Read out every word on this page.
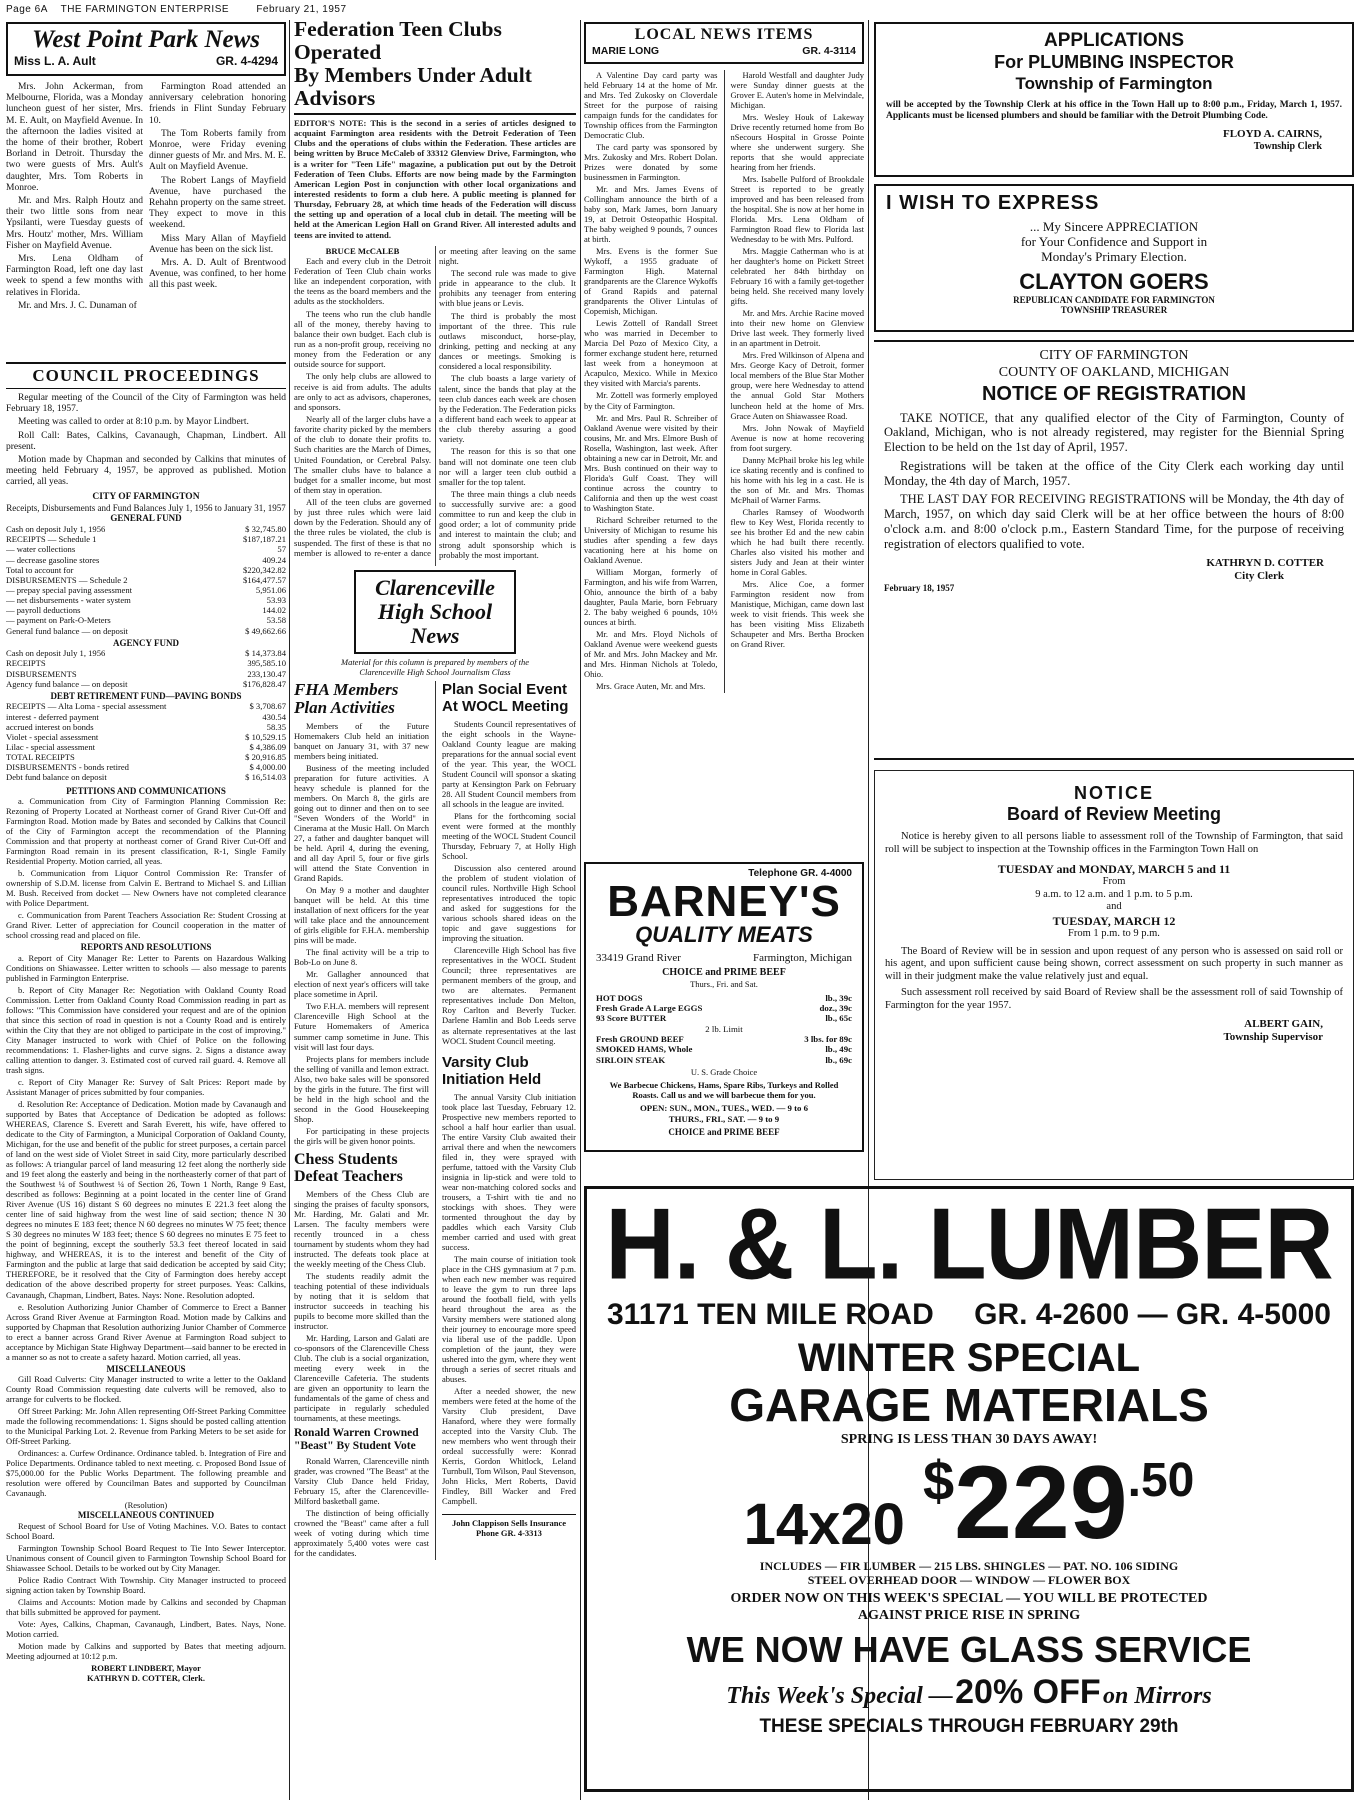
Page 6A THE FARMINGTON ENTERPRISE	February 21, 1957
West Point Park News
Miss L. A. Ault	GR. 4-4294
Mrs. John Ackerman, from Melbourne, Florida, was a Monday luncheon guest of her sister, Mrs. M. E. Ault, on Mayfield Avenue. In the afternoon the ladies visited at the home of their brother, Robert Borland in Detroit. Thursday the two were guests of Mrs. Ault's daughter, Mrs. Tom Roberts in Monroe.
Mr. and Mrs. Ralph Houtz and their two little sons from near Ypsilanti, were Tuesday guests of Mrs. Houtz' mother, Mrs. William Fisher on Mayfield Avenue.
Mrs. Lena Oldham of Farmington Road, left one day last week to spend a few months with relatives in Florida.
Mr. and Mrs. J. C. Dunaman of
Farmington Road attended an anniversary celebration honoring friends in Flint Sunday February 10.
The Tom Roberts family from Monroe, were Friday evening dinner guests of Mr. and Mrs. M. E. Ault on Mayfield Avenue.
The Robert Langs of Mayfield Avenue, have purchased the Rehahn property on the same street. They expect to move in this weekend.
Miss Mary Allan of Mayfield Avenue has been on the sick list.
Mrs. A. D. Ault of Brentwood Avenue, was confined, to her home all this past week.
COUNCIL PROCEEDINGS
Regular meeting of the Council of the City of Farmington was held February 18, 1957.
Meeting was called to order at 8:10 p.m. by Mayor Lindbert.
Roll Call: Bates, Calkins, Cavanaugh, Chapman, Lindbert. All present.
Motion made by Chapman and seconded by Calkins that minutes of meeting held February 4, 1957, be approved as published. Motion carried, all yeas.
CITY OF FARMINGTON
Receipts, Disbursements and Fund Balances July 1, 1956 to January 31, 1957
GENERAL FUND
Cash on deposit July 1, 1956	$ 32,745.80
RECEIPTS — Schedule 1	$187,187.21
— water collections	57
— decrease gasoline stores	409.24
Total to account for	$220,342.82
DISBURSEMENTS — Schedule 2	$164,477.57
— prepay special paving assessment	5,951.06
— net disbursements - water system	53.93
— payroll deductions	144.02
— payment on Park-O-Meters	53.58
General fund balance — on deposit	$ 49,662.66
AGENCY FUND
Cash on deposit July 1, 1956	$ 14,373.84
RECEIPTS	395,585.10
DISBURSEMENTS	233,130.47
Agency fund balance — on deposit	$176,828.47
DEBT RETIREMENT FUND—PAVING BONDS
RECEIPTS — Alta Loma - special assessment	$ 3,708.67
interest - deferred payment	430.54
accrued interest on bonds	58.35
Violet - special assessment	$ 10,529.15
Lilac - special assessment	$ 4,386.09
TOTAL RECEIPTS	$ 20,916.85
DISBURSEMENTS - bonds retired	$ 4,000.00
Debt fund balance on deposit	$ 16,514.03
PETITIONS AND COMMUNICATIONS
a. Communication from City of Farmington Planning Commission Re: Rezoning of Property Located at Northeast corner of Grand River Cut-Off and Farmington Road. Motion made by Bates and seconded by Calkins that Council of the City of Farmington accept the recommendation of the Planning Commission and that property at northeast corner of Grand River Cut-Off and Farmington Road remain in its present classification, R-1, Single Family Residential Property. Motion carried, all yeas.
b. Communication from Liquor Control Commission Re: Transfer of ownership of S.D.M. license from Calvin E. Bertrand to Michael S. and Lillian M. Bush. Received from docket — New Owners have not completed clearance with Police Department.
c. Communication from Parent Teachers Association Re: Student Crossing at Grand River. Letter of appreciation for Council cooperation in the matter of school crossing read and placed on file.
REPORTS AND RESOLUTIONS
a. Report of City Manager Re: Letter to Parents on Hazardous Walking Conditions on Shiawassee. Letter written to schools — also message to parents published in Farmington Enterprise.
b. Report of City Manager Re: Negotiation with Oakland County Road Commission. Letter from Oakland County Road Commission reading in part as follows: "This Commission have considered your request and are of the opinion that since this section of road in question is not a County Road and is entirely within the City that they are not obliged to participate in the cost of improving." City Manager instructed to work with Chief of Police on the following recommendations: 1. Flasher-lights and curve signs. 2. Signs a distance away calling attention to danger. 3. Estimated cost of curved rail guard. 4. Remove all trash signs.
c. Report of City Manager Re: Survey of Salt Prices: Report made by Assistant Manager of prices submitted by four companies.
d. Resolution Re: Acceptance of Dedication. Motion made by Cavanaugh and supported by Bates that Acceptance of Dedication be adopted as follows: WHEREAS, Clarence S. Everett and Sarah Everett, his wife, have offered to dedicate to the City of Farmington, a Municipal Corporation of Oakland County, Michigan, for the use and benefit of the public for street purposes, a certain parcel of land on the west side of Violet Street in said City, more particularly described as follows: A triangular parcel of land measuring 12 feet along the northerly side and 19 feet along the easterly and being in the northeasterly corner of that part of the Southwest ¼ of Southwest ¼ of Section 26, Town 1 North, Range 9 East, described as follows: Beginning at a point located in the center line of Grand River Avenue (US 16) distant S 60 degrees no minutes E 221.3 feet along the center line of said highway from the west line of said section; thence N 30 degrees no minutes E 183 feet; thence N 60 degrees no minutes W 75 feet; thence S 30 degrees no minutes W 183 feet; thence S 60 degrees no minutes E 75 feet to the point of beginning, except the southerly 53.3 feet thereof located in said highway, and WHEREAS, it is to the interest and benefit of the City of Farmington and the public at large that said dedication be accepted by said City; THEREFORE, be it resolved that the City of Farmington does hereby accept dedication of the above described property for street purposes. Yeas: Calkins, Cavanaugh, Chapman, Lindbert, Bates. Nays: None. Resolution adopted.
e. Resolution Authorizing Junior Chamber of Commerce to Erect a Banner Across Grand River Avenue at Farmington Road. Motion made by Calkins and supported by Chapman that Resolution authorizing Junior Chamber of Commerce to erect a banner across Grand River Avenue at Farmington Road subject to acceptance by Michigan State Highway Department—said banner to be erected in a manner so as not to create a safety hazard. Motion carried, all yeas.
MISCELLANEOUS
Gill Road Culverts: City Manager instructed to write a letter to the Oakland County Road Commission requesting date culverts will be removed, also to arrange for culverts to be flocked.
Off Street Parking: Mr. John Allen representing Off-Street Parking Committee made the following recommendations: 1. Signs should be posted calling attention to the Municipal Parking Lot. 2. Revenue from Parking Meters to be set aside for Off-Street Parking.
Ordinances: a. Curfew Ordinance. Ordinance tabled. b. Integration of Fire and Police Departments. Ordinance tabled to next meeting. c. Proposed Bond Issue of $75,000.00 for the Public Works Department. The following preamble and resolution were offered by Councilman Bates and supported by Councilman Cavanaugh.
(Resolution)
MISCELLANEOUS CONTINUED
Request of School Board for Use of Voting Machines. V.O. Bates to contact School Board.
Farmington Township School Board Request to Tie Into Sewer Interceptor. Unanimous consent of Council given to Farmington Township School Board for Shiawassee School. Details to be worked out by City Manager.
Police Radio Contract With Township. City Manager instructed to proceed signing action taken by Township Board.
Claims and Accounts: Motion made by Calkins and seconded by Chapman that bills submitted be approved for payment.
Vote: Ayes, Calkins, Chapman, Cavanaugh, Lindbert, Bates. Nays, None. Motion carried.
Motion made by Calkins and supported by Bates that meeting adjourn. Meeting adjourned at 10:12 p.m.
ROBERT LINDBERT, Mayor
KATHRYN D. COTTER, Clerk.
Federation Teen Clubs Operated
By Members Under Adult Advisors
EDITOR'S NOTE: This is the second in a series of articles designed to acquaint Farmington area residents with the Detroit Federation of Teen Clubs and the operations of clubs within the Federation. These articles are being written by Bruce McCaleb of 33312 Glenview Drive, Farmington, who is a writer for "Teen Life" magazine, a publication put out by the Detroit Federation of Teen Clubs. Efforts are now being made by the Farmington American Legion Post in conjunction with other local organizations and interested residents to form a club here. A public meeting is planned for Thursday, February 28, at which time heads of the Federation will discuss the setting up and operation of a local club in detail. The meeting will be held at the American Legion Hall on Grand River. All interested adults and teens are invited to attend.
BRUCE McCALEB
Each and every club in the Detroit Federation of Teen Club chain works like an independent corporation, with the teens as the board members and the adults as the stockholders.
The teens who run the club handle all of the money, thereby having to balance their own budget. Each club is run as a non-profit group, receiving no money from the Federation or any outside source for support.
The only help clubs are allowed to receive is aid from adults. The adults are only to act as advisors, chaperones, and sponsors.
Nearly all of the larger clubs have a favorite charity picked by the members of the club to donate their profits to. Such charities are the March of Dimes, United Foundation, or Cerebral Palsy. The smaller clubs have to balance a budget for a smaller income, but most of them stay in operation.
All of the teen clubs are governed by just three rules which were laid down by the Federation. Should any of the three rules be violated, the club is suspended. The first of these is that no member is allowed to re-enter a dance or meeting after leaving on the same night.
The second rule was made to give pride in appearance to the club. It prohibits any teenager from entering with blue jeans or Levis.
The third is probably the most important of the three. This rule outlaws misconduct, horse-play, drinking, petting and necking at any dances or meetings. Smoking is considered a local responsibility.
The club boasts a large variety of talent, since the bands that play at the teen club dances each week are chosen by the Federation. The Federation picks a different band each week to appear at the club thereby assuring a good variety.
The reason for this is so that one band will not dominate one teen club nor will a larger teen club outbid a smaller for the top talent.
The three main things a club needs to successfully survive are: a good committee to run and keep the club in good order; a lot of community pride and interest to maintain the club; and strong adult sponsorship which is probably the most important.
Clarenceville
High School News
Material for this column is prepared by members of the Clarenceville High School Journalism Class
FHA Members
Plan Activities
Members of the Future Homemakers Club held an initiation banquet on January 31, with 37 new members being initiated.
Business of the meeting included preparation for future activities. A heavy schedule is planned for the members. On March 8, the girls are going out to dinner and then on to see "Seven Wonders of the World" in Cinerama at the Music Hall. On March 27, a father and daughter banquet will be held. April 4, during the evening, and all day April 5, four or five girls will attend the State Convention in Grand Rapids.
On May 9 a mother and daughter banquet will be held. At this time installation of next officers for the year will take place and the announcement of girls eligible for F.H.A. membership pins will be made.
The final activity will be a trip to Bob-Lo on June 8.
Mr. Gallagher announced that election of next year's officers will take place sometime in April.
Two F.H.A. members will represent Clarenceville High School at the Future Homemakers of America summer camp sometime in June. This visit will last four days.
Projects plans for members include the selling of vanilla and lemon extract. Also, two bake sales will be sponsored by the girls in the future. The first will be held in the high school and the second in the Good Housekeeping Shop.
For participating in these projects the girls will be given honor points.
Chess Students
Defeat Teachers
Members of the Chess Club are singing the praises of faculty sponsors, Mr. Harding, Mr. Galati and Mr. Larsen. The faculty members were recently trounced in a chess tournament by students whom they had instructed. The defeats took place at the weekly meeting of the Chess Club.
The students readily admit the teaching potential of these individuals by noting that it is seldom that instructor succeeds in teaching his pupils to become more skilled than the instructor.
Mr. Harding, Larson and Galati are co-sponsors of the Clarenceville Chess Club. The club is a social organization, meeting every week in the Clarenceville Cafeteria. The students are given an opportunity to learn the fundamentals of the game of chess and participate in regularly scheduled tournaments, at these meetings.
Ronald Warren Crowned
"Beast" By Student Vote
Ronald Warren, Clarenceville ninth grader, was crowned "The Beast" at the Varsity Club Dance held Friday, February 15, after the Clarenceville-Milford basketball game.
The distinction of being officially crowned the "Beast" came after a full week of voting during which time approximately 5,400 votes were cast for the candidates.
Plan Social Event
At WOCL Meeting
Students Council representatives of the eight schools in the Wayne-Oakland County league are making preparations for the annual social event of the year. This year, the WOCL Student Council will sponsor a skating party at Kensington Park on February 28. All Student Council members from all schools in the league are invited.
Plans for the forthcoming social event were formed at the monthly meeting of the WOCL Student Council Thursday, February 7, at Holly High School.
Discussion also centered around the problem of student violation of council rules. Northville High School representatives introduced the topic and asked for suggestions for the various schools shared ideas on the topic and gave suggestions for improving the situation.
Clarenceville High School has five representatives in the WOCL Student Council; three representatives are permanent members of the group, and two are alternates. Permanent representatives include Don Melton, Roy Carlton and Beverly Tucker. Darlene Hamlin and Bob Leeds serve as alternate representatives at the last WOCL Student Council meeting.
Varsity Club
Initiation Held
The annual Varsity Club initiation took place last Tuesday, February 12. Prospective new members reported to school a half hour earlier than usual. The entire Varsity Club awaited their arrival there and when the newcomers filed in, they were sprayed with perfume, tattoed with the Varsity Club insignia in lip-stick and were told to wear non-matching colored socks and trousers, a T-shirt with tie and no stockings with shoes. They were tormented throughout the day by paddles which each Varsity Club member carried and used with great success.
The main course of initiation took place in the CHS gymnasium at 7 p.m. when each new member was required to leave the gym to run three laps around the football field, with yells heard throughout the area as the Varsity members were stationed along their journey to encourage more speed via liberal use of the paddle. Upon completion of the jaunt, they were ushered into the gym, where they went through a series of secret rituals and abuses.
After a needed shower, the new members were feted at the home of the Varsity Club president, Dave Hanaford, where they were formally accepted into the Varsity Club. The new members who went through their ordeal successfully were: Konrad Kerris, Gordon Whitlock, Leland Turnbull, Tom Wilson, Paul Stevenson, John Hicks, Mert Roberts, David Findley, Bill Wacker and Fred Campbell.
John Clappison Sells Insurance
Phone GR. 4-3313
LOCAL NEWS ITEMS
MARIE LONG	GR. 4-3114
A Valentine Day card party was held February 14 at the home of Mr. and Mrs. Ted Zukosky on Cloverdale Street for the purpose of raising campaign funds for the candidates for Township offices from the Farmington Democratic Club.
The card party was sponsored by Mrs. Zukosky and Mrs. Robert Dolan. Prizes were donated by some businessmen in Farmington.
Mr. and Mrs. James Evens of Collingham announce the birth of a baby son, Mark James, born January 19, at Detroit Osteopathic Hospital. The baby weighed 9 pounds, 7 ounces at birth.
Mrs. Evens is the former Sue Wykoff, a 1955 graduate of Farmington High. Maternal grandparents are the Clarence Wykoffs of Grand Rapids and paternal grandparents the Oliver Lintulas of Copemish, Michigan.
Lewis Zottell of Randall Street who was married in December to Marcia Del Pozo of Mexico City, a former exchange student here, returned last week from a honeymoon at Acapulco, Mexico. While in Mexico they visited with Marcia's parents.
Mr. Zottell was formerly employed by the City of Farmington.
Mr. and Mrs. Paul R. Schreiber of Oakland Avenue were visited by their cousins, Mr. and Mrs. Elmore Bush of Rosella, Washington, last week. After obtaining a new car in Detroit, Mr. and Mrs. Bush continued on their way to Florida's Gulf Coast. They will continue across the country to California and then up the west coast to Washington State.
Richard Schreiber returned to the University of Michigan to resume his studies after spending a few days vacationing here at his home on Oakland Avenue.
William Morgan, formerly of Farmington, and his wife from Warren, Ohio, announce the birth of a baby daughter, Paula Marie, born February 2. The baby weighed 6 pounds, 10½ ounces at birth.
Mr. and Mrs. Floyd Nichols of Oakland Avenue were weekend guests of Mr. and Mrs. John Mackey and Mr. and Mrs. Hinman Nichols at Toledo, Ohio.
Mrs. Grace Auten, Mr. and Mrs.
Harold Westfall and daughter Judy were Sunday dinner guests at the Grover E. Auten's home in Melvindale, Michigan.
Mrs. Wesley Houk of Lakeway Drive recently returned home from Bo nSecours Hospital in Grosse Pointe where she underwent surgery. She reports that she would appreciate hearing from her friends.
Mrs. Isabelle Pulford of Brookdale Street is reported to be greatly improved and has been released from the hospital. She is now at her home in Florida. Mrs. Lena Oldham of Farmington Road flew to Florida last Wednesday to be with Mrs. Pulford.
Mrs. Maggie Catherman who is at her daughter's home on Pickett Street celebrated her 84th birthday on February 16 with a family get-together being held. She received many lovely gifts.
Mr. and Mrs. Archie Racine moved into their new home on Glenview Drive last week. They formerly lived in an apartment in Detroit.
Mrs. Fred Wilkinson of Alpena and Mrs. George Kacy of Detroit, former local members of the Blue Star Mother group, were here Wednesday to attend the annual Gold Star Mothers luncheon held at the home of Mrs. Grace Auten on Shiawassee Road.
Mrs. John Nowak of Mayfield Avenue is now at home recovering from foot surgery.
Danny McPhail broke his leg while ice skating recently and is confined to his home with his leg in a cast. He is the son of Mr. and Mrs. Thomas McPhail of Warner Farms.
Charles Ramsey of Woodworth flew to Key West, Florida recently to see his brother Ed and the new cabin which he had built there recently. Charles also visited his mother and sisters Judy and Jean at their winter home in Coral Gables.
Mrs. Alice Coe, a former Farmington resident now from Manistique, Michigan, came down last week to visit friends. This week she has been visiting Miss Elizabeth Schaupeter and Mrs. Bertha Brocken on Grand River.
Telephone GR. 4-4000
BARNEY'S
QUALITY MEATS
33419 Grand River	Farmington, Michigan
CHOICE and PRIME BEEF
Thurs., Fri. and Sat.
HOT DOGS	lb., 39c
Fresh Grade A Large EGGS	doz., 39c
93 Score BUTTER	lb., 65c
2 lb. Limit
Fresh GROUND BEEF	3 lbs. for 89c
SMOKED HAMS, Whole	lb., 49c
SIRLOIN STEAK	lb., 69c
U. S. Grade Choice
We Barbecue Chickens, Hams, Spare Ribs, Turkeys and Rolled Roasts. Call us and we will barbecue them for you.
OPEN: SUN., MON., TUES., WED. — 9 to 6
THURS., FRI., SAT. — 9 to 9
CHOICE and PRIME BEEF
APPLICATIONS
For PLUMBING INSPECTOR
Township of Farmington
will be accepted by the Township Clerk at his office in the Town Hall up to 8:00 p.m., Friday, March 1, 1957. Applicants must be licensed plumbers and should be familiar with the Detroit Plumbing Code.
FLOYD A. CAIRNS,
Township Clerk
I WISH TO EXPRESS
... My Sincere APPRECIATION
for Your Confidence and Support in
Monday's Primary Election.
CLAYTON GOERS
REPUBLICAN CANDIDATE FOR FARMINGTON
TOWNSHIP TREASURER
CITY OF FARMINGTON
COUNTY OF OAKLAND, MICHIGAN
NOTICE OF REGISTRATION
TAKE NOTICE, that any qualified elector of the City of Farmington, County of Oakland, Michigan, who is not already registered, may register for the Biennial Spring Election to be held on the 1st day of April, 1957.
Registrations will be taken at the office of the City Clerk each working day until Monday, the 4th day of March, 1957.
THE LAST DAY FOR RECEIVING REGISTRATIONS will be Monday, the 4th day of March, 1957, on which day said Clerk will be at her office between the hours of 8:00 o'clock a.m. and 8:00 o'clock p.m., Eastern Standard Time, for the purpose of receiving registration of electors qualified to vote.
KATHRYN D. COTTER
City Clerk
February 18, 1957
NOTICE
Board of Review Meeting
Notice is hereby given to all persons liable to assessment roll of the Township of Farmington, that said roll will be subject to inspection at the Township offices in the Farmington Town Hall on
TUESDAY and MONDAY, MARCH 5 and 11
From
9 a.m. to 12 a.m. and 1 p.m. to 5 p.m.
and
TUESDAY, MARCH 12
From 1 p.m. to 9 p.m.
The Board of Review will be in session and upon request of any person who is assessed on said roll or his agent, and upon sufficient cause being shown, correct assessment on such property in such manner as will in their judgment make the value relatively just and equal.
Such assessment roll received by said Board of Review shall be the assessment roll of said Township of Farmington for the year 1957.
ALBERT GAIN,
Township Supervisor
H. & L. LUMBER
31171 TEN MILE ROAD GR. 4-2600 — GR. 4-5000
WINTER SPECIAL
GARAGE MATERIALS
SPRING IS LESS THAN 30 DAYS AWAY!
14x20
$ 229 .50
INCLUDES — FIR LUMBER — 215 LBS. SHINGLES — PAT. NO. 106 SIDING
STEEL OVERHEAD DOOR — WINDOW — FLOWER BOX
ORDER NOW ON THIS WEEK'S SPECIAL — YOU WILL BE PROTECTED
AGAINST PRICE RISE IN SPRING
WE NOW HAVE GLASS SERVICE
This Week's Special — 20% OFF on Mirrors
THESE SPECIALS THROUGH FEBRUARY 29th
